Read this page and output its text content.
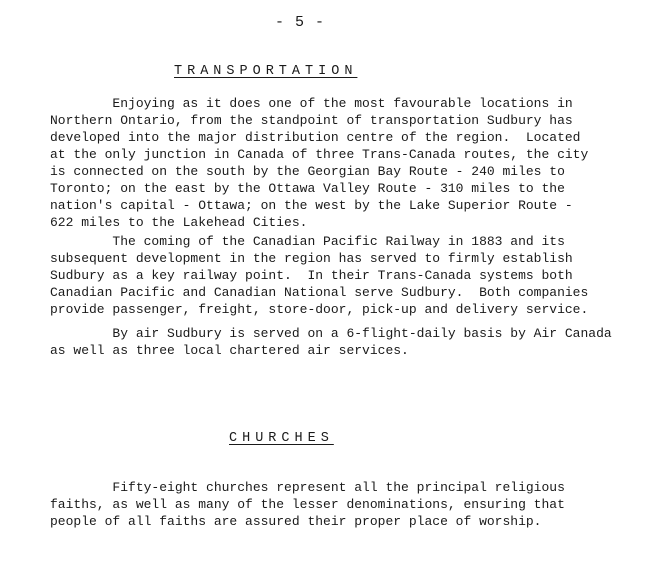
- 5 -
TRANSPORTATION

Enjoying as it does one of the most favourable locations in
Northern Ontario, from the standpoint of transportation Sudbury has
developed into the major distribution centre of the region.  Located
at the only junction in Canada of three Trans-Canada routes, the city
is connected on the south by the Georgian Bay Route - 240 miles to
Toronto; on the east by the Ottawa Valley Route - 310 miles to the
nation's capital - Ottawa; on the west by the Lake Superior Route -
622 miles to the Lakehead Cities.

The coming of the Canadian Pacific Railway in 1883 and its
subsequent development in the region has served to firmly establish
Sudbury as a key railway point.  In their Trans-Canada systems both
Canadian Pacific and Canadian National serve Sudbury.  Both companies
provide passenger, freight, store-door, pick-up and delivery service.

By air Sudbury is served on a 6-flight-daily basis by Air Canada
as well as three local chartered air services.

CHURCHES

Fifty-eight churches represent all the principal religious
faiths, as well as many of the lesser denominations, ensuring that
people of all faiths are assured their proper place of worship.
